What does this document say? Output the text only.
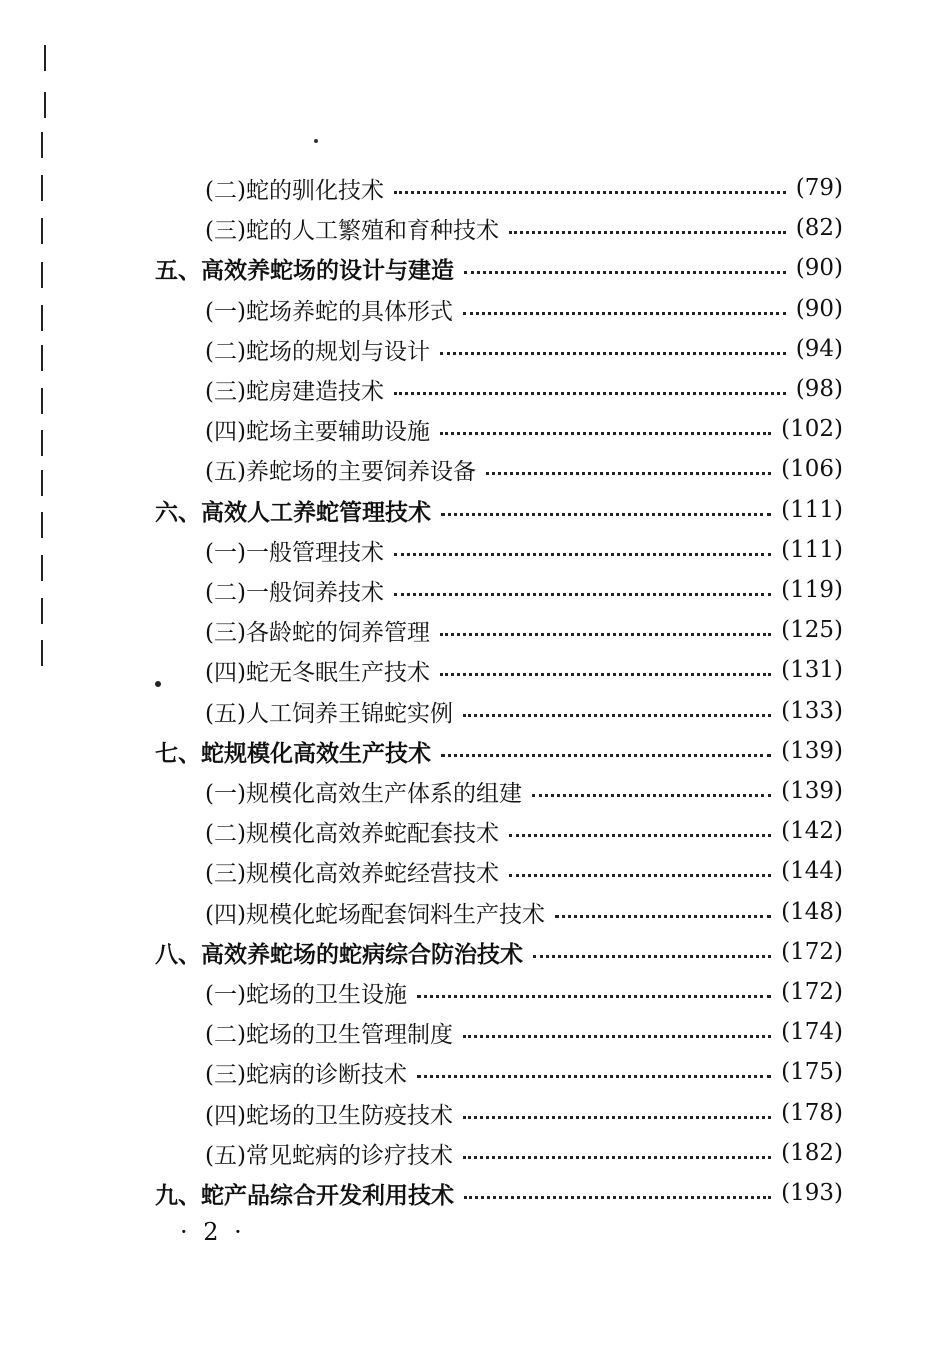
(二)蛇的驯化技术	(79)
(三)蛇的人工繁殖和育种技术	(82)
五、高效养蛇场的设计与建造	(90)
(一)蛇场养蛇的具体形式	(90)
(二)蛇场的规划与设计	(94)
(三)蛇房建造技术	(98)
(四)蛇场主要辅助设施	(102)
(五)养蛇场的主要饲养设备	(106)
六、高效人工养蛇管理技术	(111)
(一)一般管理技术	(111)
(二)一般饲养技术	(119)
(三)各龄蛇的饲养管理	(125)
(四)蛇无冬眠生产技术	(131)
(五)人工饲养王锦蛇实例	(133)
七、蛇规模化高效生产技术	(139)
(一)规模化高效生产体系的组建	(139)
(二)规模化高效养蛇配套技术	(142)
(三)规模化高效养蛇经营技术	(144)
(四)规模化蛇场配套饲料生产技术	(148)
八、高效养蛇场的蛇病综合防治技术	(172)
(一)蛇场的卫生设施	(172)
(二)蛇场的卫生管理制度	(174)
(三)蛇病的诊断技术	(175)
(四)蛇场的卫生防疫技术	(178)
(五)常见蛇病的诊疗技术	(182)
九、蛇产品综合开发利用技术	(193)
· 2 ·
